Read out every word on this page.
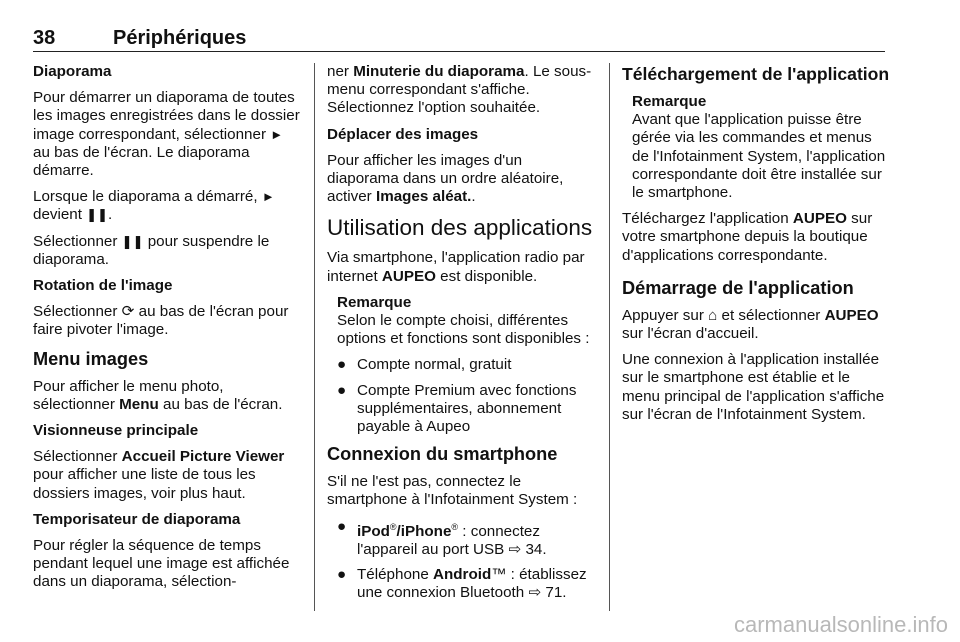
38	Périphériques

Diaporama

Pour démarrer un diaporama de toutes les images enregistrées dans le dossier image correspondant, sélectionner ► au bas de l'écran. Le diaporama démarre.

Lorsque le diaporama a démarré, ► devient ❚❚.

Sélectionner ❚❚ pour suspendre le diaporama.

Rotation de l'image

Sélectionner ⟳ au bas de l'écran pour faire pivoter l'image.

Menu images

Pour afficher le menu photo, sélectionner Menu au bas de l'écran.

Visionneuse principale

Sélectionner Accueil Picture Viewer pour afficher une liste de tous les dossiers images, voir plus haut.

Temporisateur de diaporama

Pour régler la séquence de temps pendant lequel une image est affichée dans un diaporama, sélection-

ner Minuterie du diaporama. Le sous-menu correspondant s'affiche. Sélectionnez l'option souhaitée.

Déplacer des images

Pour afficher les images d'un diaporama dans un ordre aléatoire, activer Images aléat..

Utilisation des applications

Via smartphone, l'application radio par internet AUPEO est disponible.

Remarque
Selon le compte choisi, différentes options et fonctions sont disponibles :
● Compte normal, gratuit
● Compte Premium avec fonctions supplémentaires, abonnement payable à Aupeo

Connexion du smartphone

S'il ne l'est pas, connectez le smartphone à l'Infotainment System :

● iPod®/iPhone® : connectez l'appareil au port USB ⇨ 34.
● Téléphone Android™ : établissez une connexion Bluetooth ⇨ 71.

Téléchargement de l'application

Remarque
Avant que l'application puisse être gérée via les commandes et menus de l'Infotainment System, l'application correspondante doit être installée sur le smartphone.

Téléchargez l'application AUPEO sur votre smartphone depuis la boutique d'applications correspondante.

Démarrage de l'application

Appuyer sur ⌂ et sélectionner AUPEO sur l'écran d'accueil.

Une connexion à l'application installée sur le smartphone est établie et le menu principal de l'application s'affiche sur l'écran de l'Infotainment System.

carmanualsonline.info
